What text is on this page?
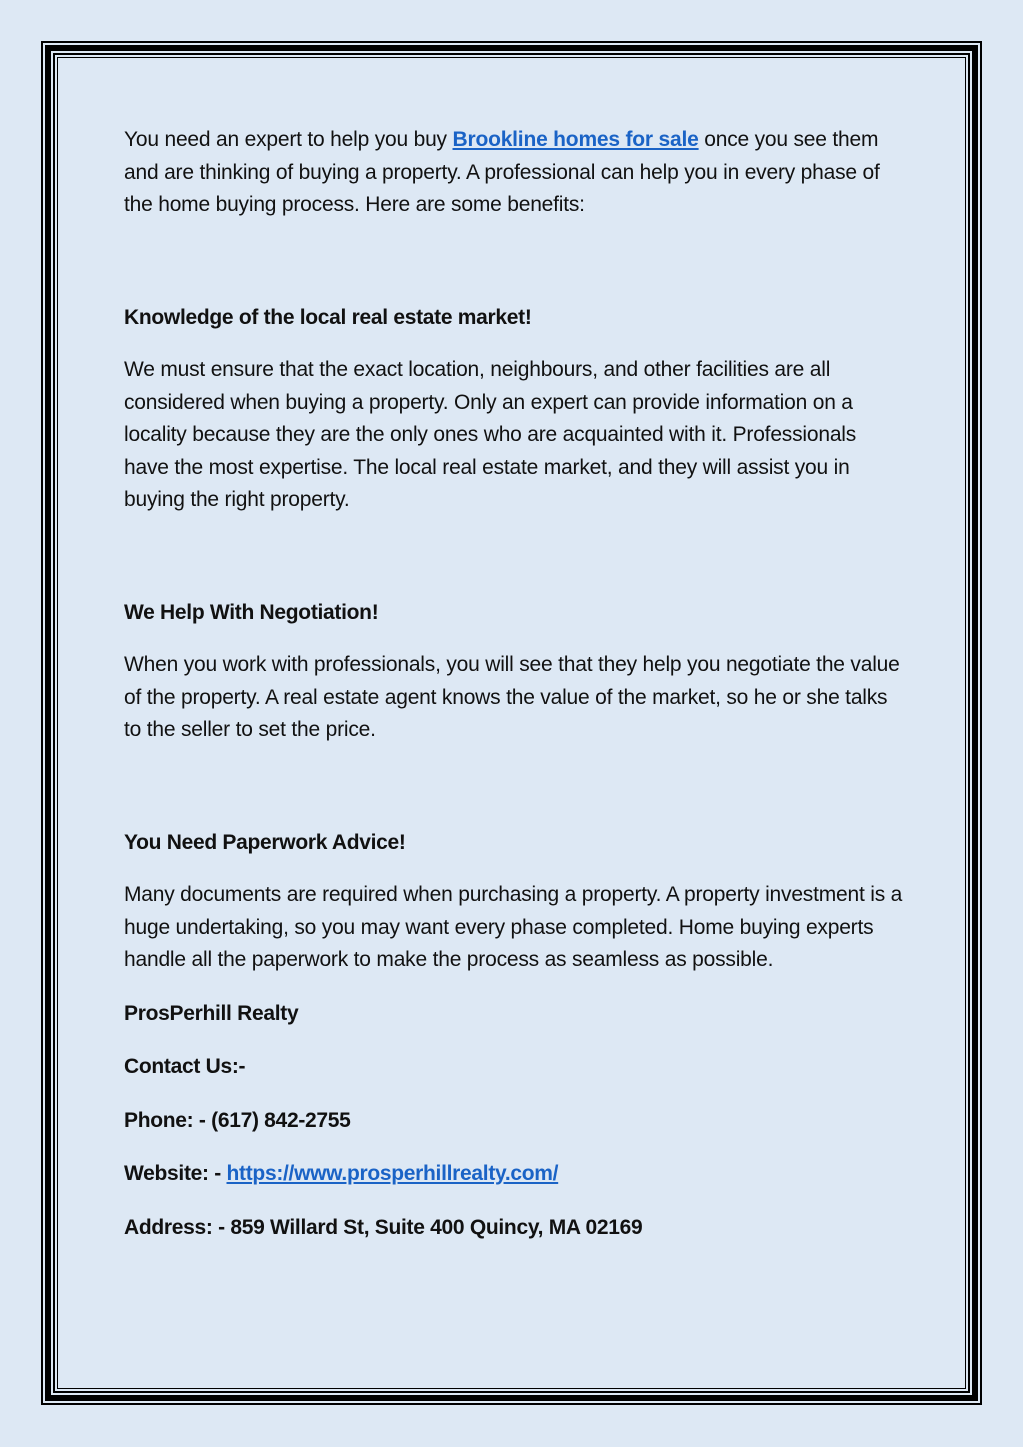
You need an expert to help you buy Brookline homes for sale once you see them and are thinking of buying a property. A professional can help you in every phase of the home buying process. Here are some benefits:

Knowledge of the local real estate market!

We must ensure that the exact location, neighbours, and other facilities are all considered when buying a property. Only an expert can provide information on a locality because they are the only ones who are acquainted with it. Professionals have the most expertise. The local real estate market, and they will assist you in buying the right property.

We Help With Negotiation!

When you work with professionals, you will see that they help you negotiate the value of the property. A real estate agent knows the value of the market, so he or she talks to the seller to set the price.

You Need Paperwork Advice!

Many documents are required when purchasing a property. A property investment is a huge undertaking, so you may want every phase completed. Home buying experts handle all the paperwork to make the process as seamless as possible.

ProsPerhill Realty

Contact Us:-

Phone: - (617) 842-2755

Website: - https://www.prosperhillrealty.com/

Address: - 859 Willard St, Suite 400 Quincy, MA 02169
